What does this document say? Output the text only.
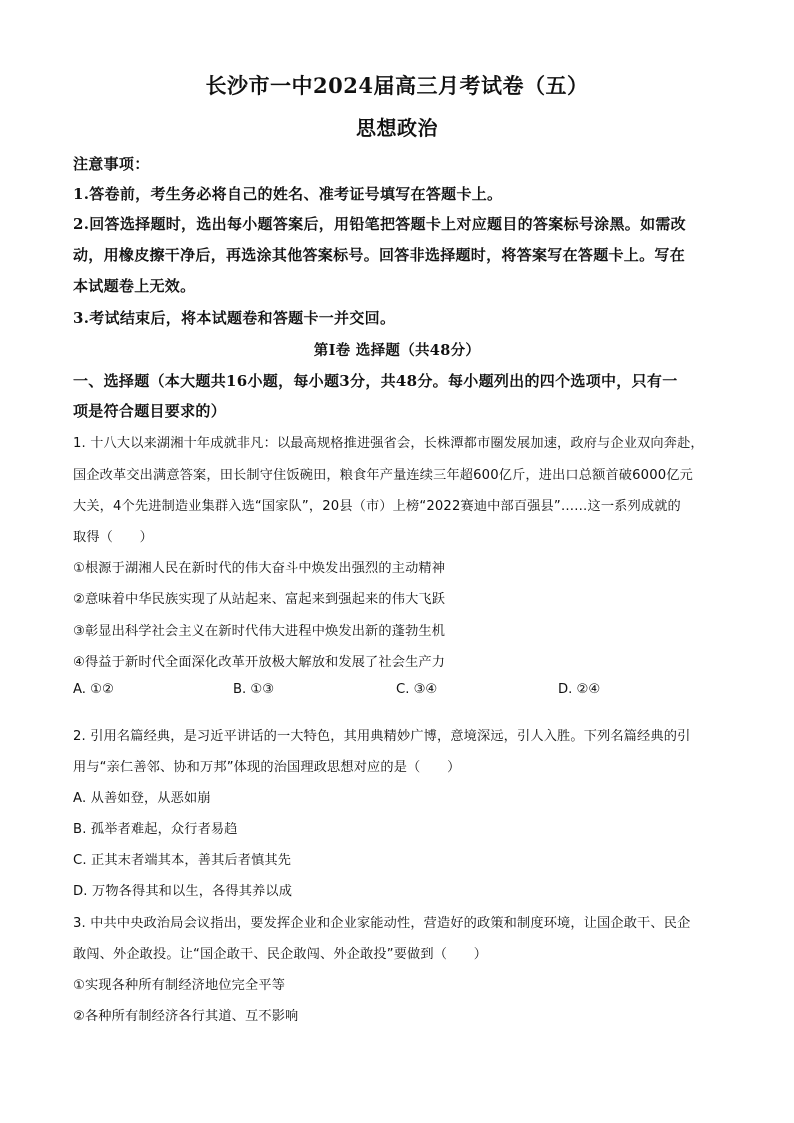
长沙市一中2024届高三月考试卷（五）
思想政治
注意事项：
1.答卷前，考生务必将自己的姓名、准考证号填写在答题卡上。
2.回答选择题时，选出每小题答案后，用铅笔把答题卡上对应题目的答案标号涂黑。如需改
动，用橡皮擦干净后，再选涂其他答案标号。回答非选择题时，将答案写在答题卡上。写在
本试题卷上无效。
3.考试结束后，将本试题卷和答题卡一并交回。
第Ⅰ卷 选择题（共48分）
一、选择题（本大题共16小题，每小题3分，共48分。每小题列出的四个选项中，只有一
项是符合题目要求的）
1. 十八大以来湖湘十年成就非凡：以最高规格推进强省会，长株潭都市圈发展加速，政府与企业双向奔赴，
国企改革交出满意答案，田长制守住饭碗田，粮食年产量连续三年超600亿斤，进出口总额首破6000亿元
大关，4个先进制造业集群入选“国家队”，20县（市）上榜“2022赛迪中部百强县”……这一系列成就的
取得（　　）
①根源于湖湘人民在新时代的伟大奋斗中焕发出强烈的主动精神
②意味着中华民族实现了从站起来、富起来到强起来的伟大飞跃
③彰显出科学社会主义在新时代伟大进程中焕发出新的蓬勃生机
④得益于新时代全面深化改革开放极大解放和发展了社会生产力
A. ①②	B. ①③	C. ③④	D. ②④
2. 引用名篇经典，是习近平讲话的一大特色，其用典精妙广博，意境深远，引人入胜。下列名篇经典的引
用与“亲仁善邻、协和万邦”体现的治国理政思想对应的是（　　）
A. 从善如登，从恶如崩
B. 孤举者难起，众行者易趋
C. 正其末者端其本，善其后者慎其先
D. 万物各得其和以生，各得其养以成
3. 中共中央政治局会议指出，要发挥企业和企业家能动性，营造好的政策和制度环境，让国企敢干、民企
敢闯、外企敢投。让“国企敢干、民企敢闯、外企敢投”要做到（　　）
①实现各种所有制经济地位完全平等
②各种所有制经济各行其道、互不影响
